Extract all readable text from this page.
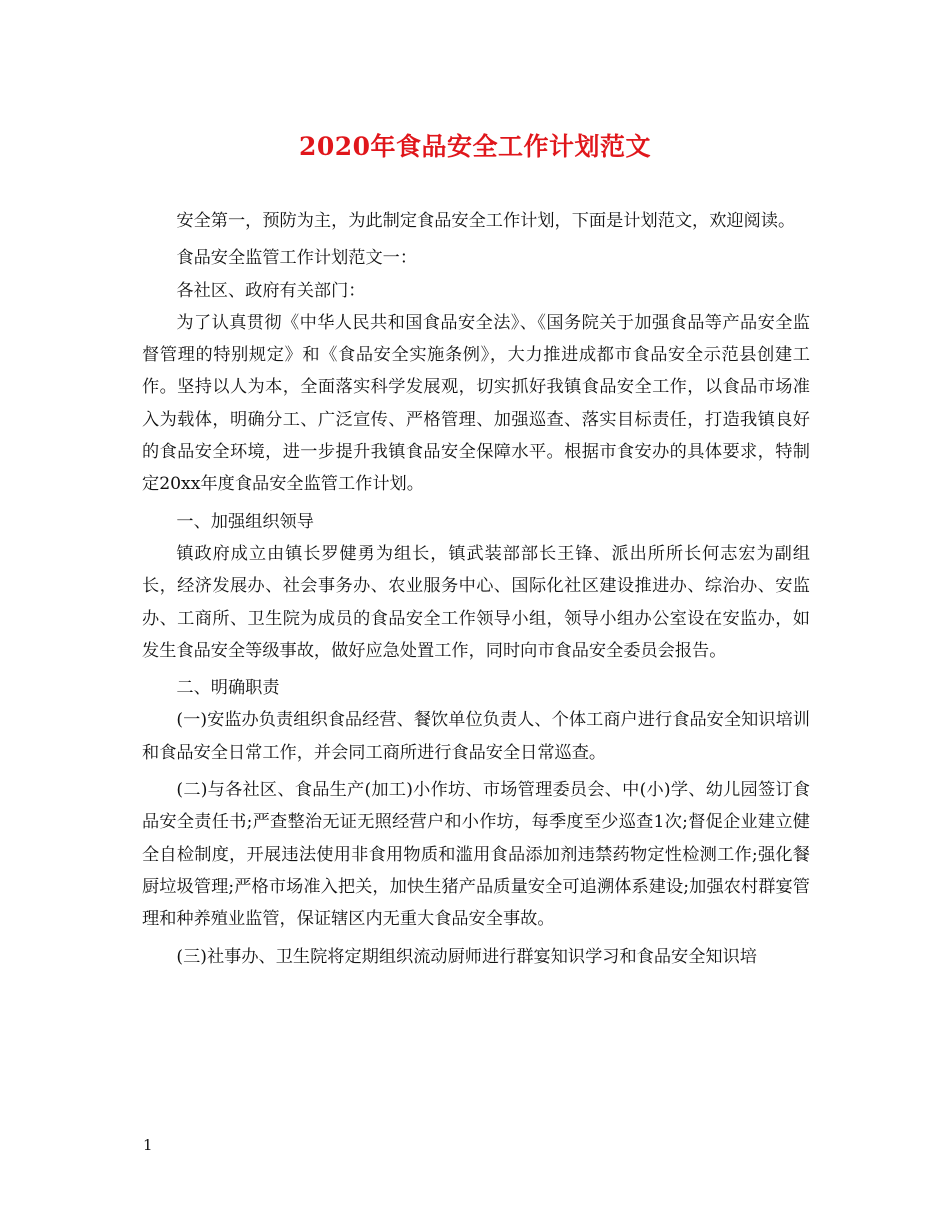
2020年食品安全工作计划范文

安全第一，预防为主，为此制定食品安全工作计划，下面是计划范文，欢迎阅读。

食品安全监管工作计划范文一：

各社区、政府有关部门：

为了认真贯彻《中华人民共和国食品安全法》、《国务院关于加强食品等产品安全监督管理的特别规定》和《食品安全实施条例》，大力推进成都市食品安全示范县创建工作。坚持以人为本，全面落实科学发展观，切实抓好我镇食品安全工作，以食品市场准入为载体，明确分工、广泛宣传、严格管理、加强巡查、落实目标责任，打造我镇良好的食品安全环境，进一步提升我镇食品安全保障水平。根据市食安办的具体要求，特制定20xx年度食品安全监管工作计划。

一、加强组织领导

镇政府成立由镇长罗健勇为组长，镇武装部部长王锋、派出所所长何志宏为副组长，经济发展办、社会事务办、农业服务中心、国际化社区建设推进办、综治办、安监办、工商所、卫生院为成员的食品安全工作领导小组，领导小组办公室设在安监办，如发生食品安全等级事故，做好应急处置工作，同时向市食品安全委员会报告。

二、明确职责

(一)安监办负责组织食品经营、餐饮单位负责人、个体工商户进行食品安全知识培训和食品安全日常工作，并会同工商所进行食品安全日常巡查。

(二)与各社区、食品生产(加工)小作坊、市场管理委员会、中(小)学、幼儿园签订食品安全责任书;严查整治无证无照经营户和小作坊，每季度至少巡查1次;督促企业建立健全自检制度，开展违法使用非食用物质和滥用食品添加剂违禁药物定性检测工作;强化餐厨垃圾管理;严格市场准入把关，加快生猪产品质量安全可追溯体系建设;加强农村群宴管理和种养殖业监管，保证辖区内无重大食品安全事故。

(三)社事办、卫生院将定期组织流动厨师进行群宴知识学习和食品安全知识培

1
